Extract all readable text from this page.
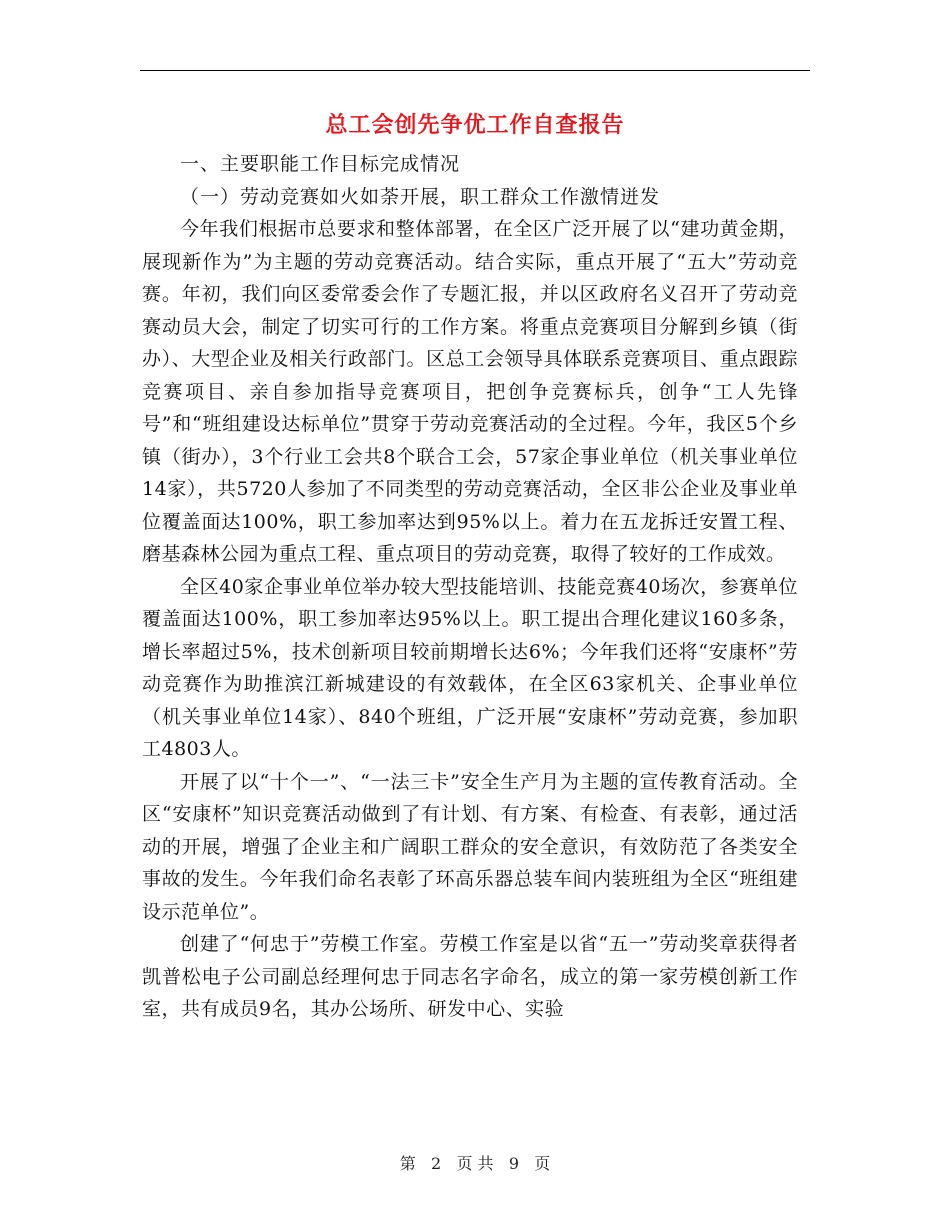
总工会创先争优工作自查报告

一、主要职能工作目标完成情况

（一）劳动竞赛如火如荼开展，职工群众工作激情迸发

今年我们根据市总要求和整体部署，在全区广泛开展了以“建功黄金期，展现新作为”为主题的劳动竞赛活动。结合实际，重点开展了“五大”劳动竞赛。年初，我们向区委常委会作了专题汇报，并以区政府名义召开了劳动竞赛动员大会，制定了切实可行的工作方案。将重点竞赛项目分解到乡镇（街办）、大型企业及相关行政部门。区总工会领导具体联系竞赛项目、重点跟踪竞赛项目、亲自参加指导竞赛项目，把创争竞赛标兵，创争“工人先锋号”和“班组建设达标单位”贯穿于劳动竞赛活动的全过程。今年，我区5个乡镇（街办），3个行业工会共8个联合工会，57家企事业单位（机关事业单位14家），共5720人参加了不同类型的劳动竞赛活动，全区非公企业及事业单位覆盖面达100%，职工参加率达到95%以上。着力在五龙拆迁安置工程、磨基森林公园为重点工程、重点项目的劳动竞赛，取得了较好的工作成效。

全区40家企事业单位举办较大型技能培训、技能竞赛40场次，参赛单位覆盖面达100%，职工参加率达95%以上。职工提出合理化建议160多条，增长率超过5%，技术创新项目较前期增长达6%；今年我们还将“安康杯”劳动竞赛作为助推滨江新城建设的有效载体，在全区63家机关、企事业单位（机关事业单位14家）、840个班组，广泛开展“安康杯”劳动竞赛，参加职工4803人。

开展了以“十个一”、“一法三卡”安全生产月为主题的宣传教育活动。全区“安康杯”知识竞赛活动做到了有计划、有方案、有检查、有表彰，通过活动的开展，增强了企业主和广阔职工群众的安全意识，有效防范了各类安全事故的发生。今年我们命名表彰了环高乐器总装车间内装班组为全区“班组建设示范单位”。

创建了“何忠于”劳模工作室。劳模工作室是以省“五一”劳动奖章获得者凯普松电子公司副总经理何忠于同志名字命名，成立的第一家劳模创新工作室，共有成员9名，其办公场所、研发中心、实验

第 2 页 共 9 页
